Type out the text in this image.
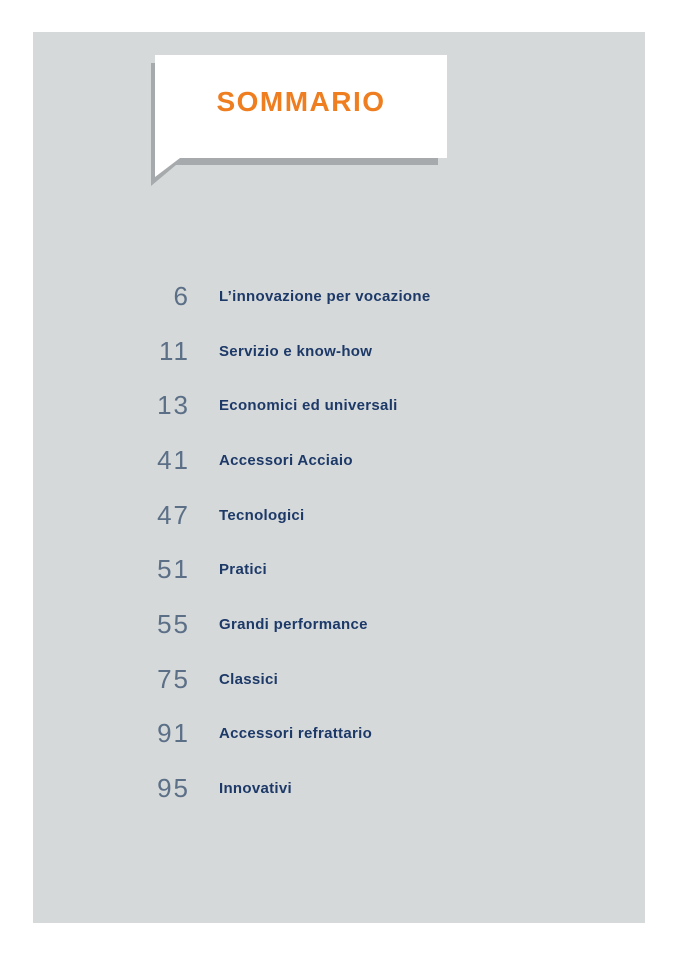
SOMMARIO
6 L’innovazione per vocazione
11 Servizio e know-how
13 Economici ed universali
41 Accessori Acciaio
47 Tecnologici
51 Pratici
55 Grandi performance
75 Classici
91 Accessori refrattario
95 Innovativi
